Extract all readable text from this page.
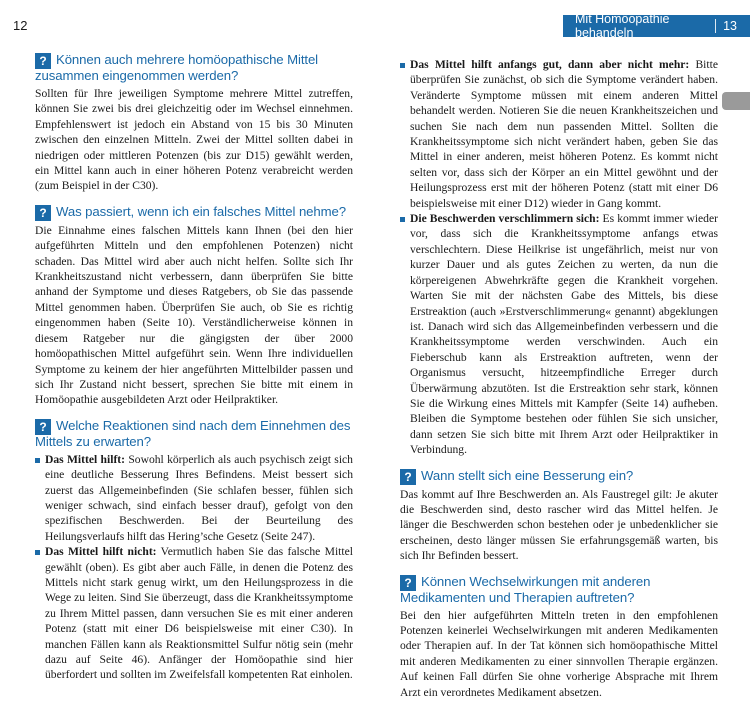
12	Mit Homöopathie behandeln	13
? Können auch mehrere homöopathische Mittel
zusammen eingenommen werden?

Sollten für Ihre jeweiligen Symptome mehrere Mittel zutreffen, können Sie zwei bis drei gleichzeitig oder im Wechsel einnehmen. Empfehlenswert ist jedoch ein Abstand von 15 bis 30 Minuten zwischen den einzelnen Mitteln. Zwei der Mittel sollten dabei in niedrigen oder mittleren Potenzen (bis zur D15) gewählt werden, ein Mittel kann auch in einer höheren Potenz verabreicht werden (zum Beispiel in der C30).

? Was passiert, wenn ich ein falsches Mittel nehme?

Die Einnahme eines falschen Mittels kann Ihnen (bei den hier aufgeführten Mitteln und den empfohlenen Potenzen) nicht schaden. Das Mittel wird aber auch nicht helfen. Sollte sich Ihr Krankheitszustand nicht verbessern, dann überprüfen Sie bitte anhand der Symptome und dieses Ratgebers, ob Sie das passende Mittel genommen haben. Überprüfen Sie auch, ob Sie es richtig eingenommen haben (Seite 10). Verständlicherweise können in diesem Ratgeber nur die gängigsten der über 2000 homöopathischen Mittel aufgeführt sein. Wenn Ihre individuellen Symptome zu keinem der hier angeführten Mittelbilder passen und sich Ihr Zustand nicht bessert, sprechen Sie bitte mit einem in Homöopathie ausgebildeten Arzt oder Heilpraktiker.

? Welche Reaktionen sind nach dem Einnehmen des
Mittels zu erwarten?
Das Mittel hilft: Sowohl körperlich als auch psychisch zeigt sich eine deutliche Besserung Ihres Befindens. Meist bessert sich zuerst das Allgemeinbefinden (Sie schlafen besser, fühlen sich weniger schwach, sind einfach besser drauf), gefolgt von den spezifischen Beschwerden. Bei der Beurteilung des Heilungsverlaufs hilft das Hering’sche Gesetz (Seite 247).
Das Mittel hilft nicht: Vermutlich haben Sie das falsche Mittel gewählt (oben). Es gibt aber auch Fälle, in denen die Potenz des Mittels nicht stark genug wirkt, um den Heilungsprozess in die Wege zu leiten. Sind Sie überzeugt, dass die Krankheitssymptome zu Ihrem Mittel passen, dann versuchen Sie es mit einer anderen Potenz (statt mit einer D6 beispielsweise mit einer C30). In manchen Fällen kann als Reaktionsmittel Sulfur nötig sein (mehr dazu auf Seite 46). Anfänger der Homöopathie sind hier überfordert und sollten im Zweifelsfall kompetenten Rat einholen.
Das Mittel hilft anfangs gut, dann aber nicht mehr: Bitte überprüfen Sie zunächst, ob sich die Symptome verändert haben. Veränderte Symptome müssen mit einem anderen Mittel behandelt werden. Notieren Sie die neuen Krankheitszeichen und suchen Sie nach dem nun passenden Mittel. Sollten die Krankheitssymptome sich nicht verändert haben, geben Sie das Mittel in einer anderen, meist höheren Potenz. Es kommt nicht selten vor, dass sich der Körper an ein Mittel gewöhnt und der Heilungsprozess erst mit der höheren Potenz (statt mit einer D6 beispielsweise mit einer D12) wieder in Gang kommt.
Die Beschwerden verschlimmern sich: Es kommt immer wieder vor, dass sich die Krankheitssymptome anfangs etwas verschlechtern. Diese Heilkrise ist ungefährlich, meist nur von kurzer Dauer und als gutes Zeichen zu werten, da nun die körpereigenen Abwehrkräfte gegen die Krankheit vorgehen. Warten Sie mit der nächsten Gabe des Mittels, bis diese Erstreaktion (auch »Erstverschlimmerung« genannt) abgeklungen ist. Danach wird sich das Allgemeinbefinden verbessern und die Krankheitssymptome werden verschwinden. Auch ein Fieberschub kann als Erstreaktion auftreten, wenn der Organismus versucht, hitzeempfindliche Erreger durch Überwärmung abzutöten. Ist die Erstreaktion sehr stark, können Sie die Wirkung eines Mittels mit Kampfer (Seite 14) aufheben. Bleiben die Symptome bestehen oder fühlen Sie sich unsicher, dann setzen Sie sich bitte mit Ihrem Arzt oder Heilpraktiker in Verbindung.
? Wann stellt sich eine Besserung ein?

Das kommt auf Ihre Beschwerden an. Als Faustregel gilt: Je akuter die Beschwerden sind, desto rascher wird das Mittel helfen. Je länger die Beschwerden schon bestehen oder je unbedenklicher sie erscheinen, desto länger müssen Sie erfahrungsgemäß warten, bis sich Ihr Befinden bessert.

? Können Wechselwirkungen mit anderen
Medikamenten und Therapien auftreten?

Bei den hier aufgeführten Mitteln treten in den empfohlenen Potenzen keinerlei Wechselwirkungen mit anderen Medikamenten oder Therapien auf. In der Tat können sich homöopathische Mittel mit anderen Medikamenten zu einer sinnvollen Therapie ergänzen. Auf keinen Fall dürfen Sie ohne vorherige Absprache mit Ihrem Arzt ein verordnetes Medikament absetzen.
